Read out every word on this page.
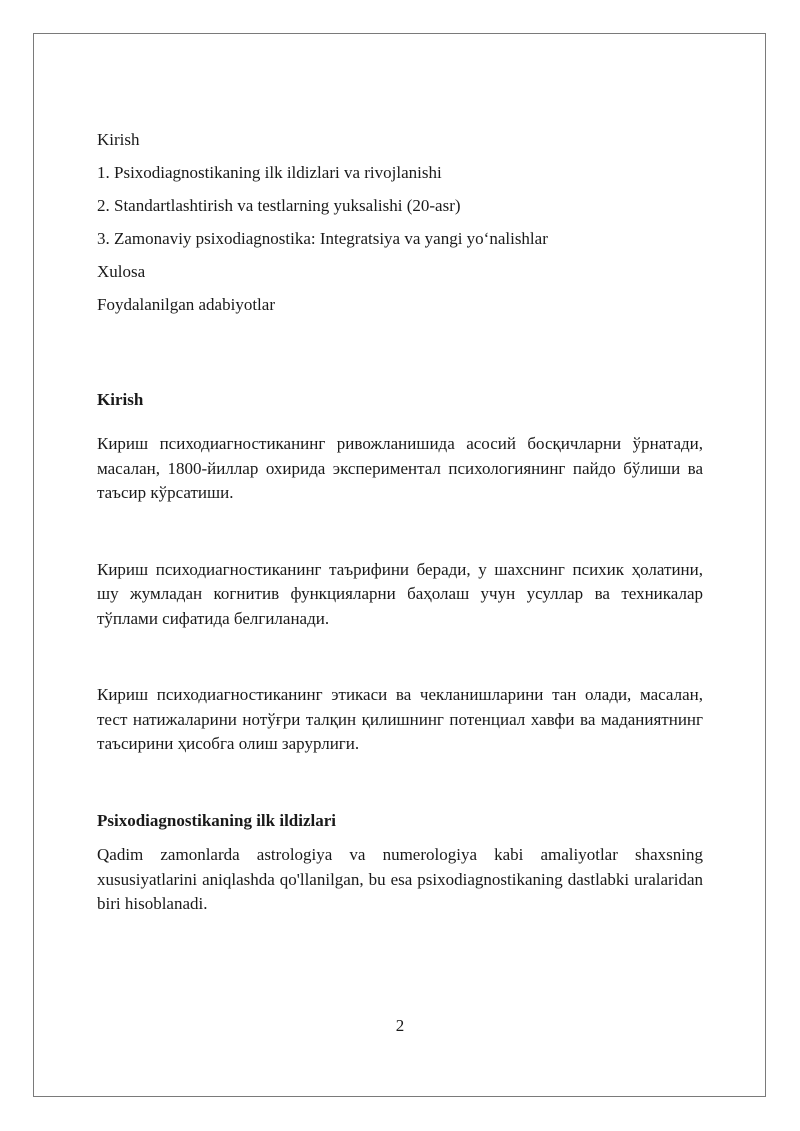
Kirish

1. Psixodiagnostikaning ilk ildizlari va rivojlanishi

2. Standartlashtirish va testlarning yuksalishi (20-asr)

3. Zamonaviy psixodiagnostika: Integratsiya va yangi yo‘nalishlar

Xulosa

Foydalanilgan adabiyotlar

Kirish

Кириш психодиагностиканинг ривожланишида асосий босқичларни ўрнатади, масалан, 1800-йиллар охирида экспериментал психологиянинг пайдо бўлиши ва таъсир кўрсатиши.

Кириш психодиагностиканинг таърифини беради, у шахснинг психик ҳолатини, шу жумладан когнитив функцияларни баҳолаш учун усуллар ва техникалар тўплами сифатида белгиланади.

Кириш психодиагностиканинг этикаси ва чекланишларини тан олади, масалан, тест натижаларини нотўғри талқин қилишнинг потенциал хавфи ва маданиятнинг таъсирини ҳисобга олиш зарурлиги.

Psixodiagnostikaning ilk ildizlari

Qadim zamonlarda astrologiya va numerologiya kabi amaliyotlar shaxsning xususiyatlarini aniqlashda qo'llanilgan, bu esa psixodiagnostikaning dastlabki uralaridan biri hisoblanadi.

2
